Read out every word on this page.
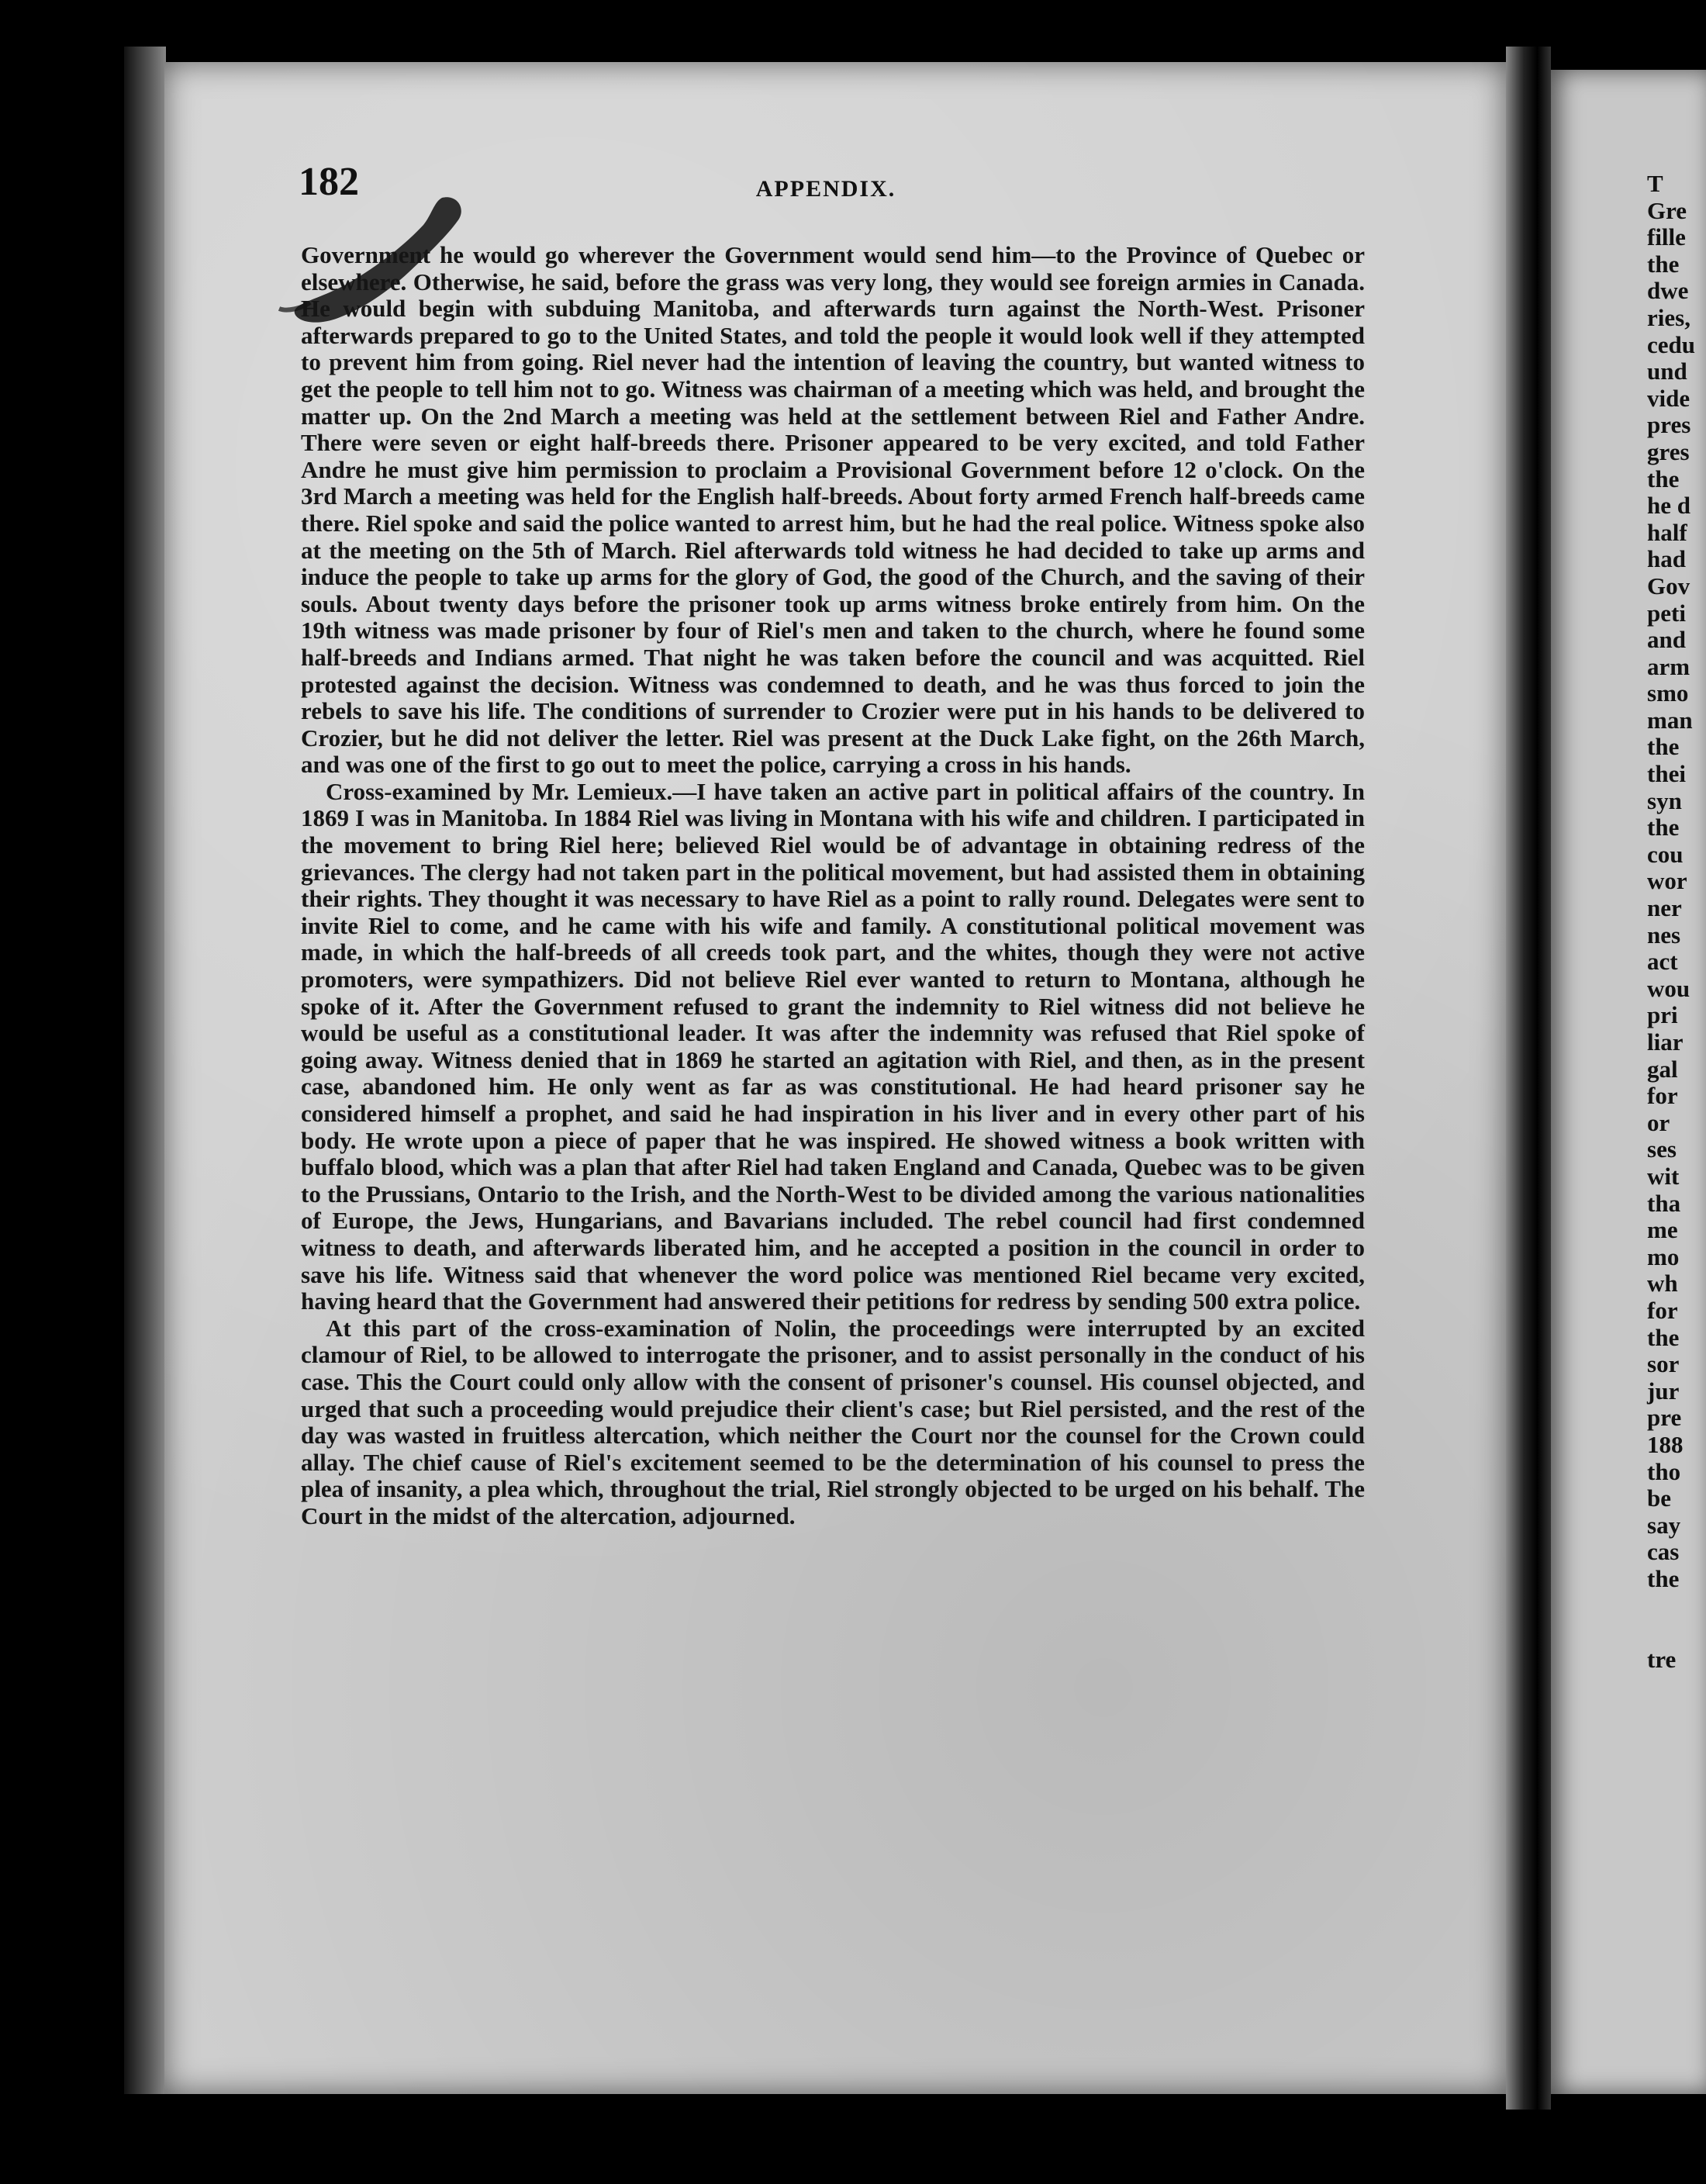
182	APPENDIX.

Government he would go wherever the Government would send him—to the Province of Quebec or elsewhere. Otherwise, he said, before the grass was very long, they would see foreign armies in Canada. He would begin with subduing Manitoba, and afterwards turn against the North-West. Prisoner afterwards prepared to go to the United States, and told the people it would look well if they attempted to prevent him from going. Riel never had the intention of leaving the country, but wanted witness to get the people to tell him not to go. Witness was chairman of a meeting which was held, and brought the matter up. On the 2nd March a meeting was held at the settlement between Riel and Father Andre. There were seven or eight half-breeds there. Prisoner appeared to be very excited, and told Father Andre he must give him permission to proclaim a Provisional Government before 12 o'clock. On the 3rd March a meeting was held for the English half-breeds. About forty armed French half-breeds came there. Riel spoke and said the police wanted to arrest him, but he had the real police. Witness spoke also at the meeting on the 5th of March. Riel afterwards told witness he had decided to take up arms and induce the people to take up arms for the glory of God, the good of the Church, and the saving of their souls. About twenty days before the prisoner took up arms witness broke entirely from him. On the 19th witness was made prisoner by four of Riel's men and taken to the church, where he found some half-breeds and Indians armed. That night he was taken before the council and was acquitted. Riel protested against the decision. Witness was condemned to death, and he was thus forced to join the rebels to save his life. The conditions of surrender to Crozier were put in his hands to be delivered to Crozier, but he did not deliver the letter. Riel was present at the Duck Lake fight, on the 26th March, and was one of the first to go out to meet the police, carrying a cross in his hands.

Cross-examined by Mr. Lemieux.—I have taken an active part in political affairs of the country. In 1869 I was in Manitoba. In 1884 Riel was living in Montana with his wife and children. I participated in the movement to bring Riel here; believed Riel would be of advantage in obtaining redress of the grievances. The clergy had not taken part in the political movement, but had assisted them in obtaining their rights. They thought it was necessary to have Riel as a point to rally round. Delegates were sent to invite Riel to come, and he came with his wife and family. A constitutional political movement was made, in which the half-breeds of all creeds took part, and the whites, though they were not active promoters, were sympathizers. Did not believe Riel ever wanted to return to Montana, although he spoke of it. After the Government refused to grant the indemnity to Riel witness did not believe he would be useful as a constitutional leader. It was after the indemnity was refused that Riel spoke of going away. Witness denied that in 1869 he started an agitation with Riel, and then, as in the present case, abandoned him. He only went as far as was constitutional. He had heard prisoner say he considered himself a prophet, and said he had inspiration in his liver and in every other part of his body. He wrote upon a piece of paper that he was inspired. He showed witness a book written with buffalo blood, which was a plan that after Riel had taken England and Canada, Quebec was to be given to the Prussians, Ontario to the Irish, and the North-West to be divided among the various nationalities of Europe, the Jews, Hungarians, and Bavarians included. The rebel council had first condemned witness to death, and afterwards liberated him, and he accepted a position in the council in order to save his life. Witness said that whenever the word police was mentioned Riel became very excited, having heard that the Government had answered their petitions for redress by sending 500 extra police.

At this part of the cross-examination of Nolin, the proceedings were interrupted by an excited clamour of Riel, to be allowed to interrogate the prisoner, and to assist personally in the conduct of his case. This the Court could only allow with the consent of prisoner's counsel. His counsel objected, and urged that such a proceeding would prejudice their client's case; but Riel persisted, and the rest of the day was wasted in fruitless altercation, which neither the Court nor the counsel for the Crown could allay. The chief cause of Riel's excitement seemed to be the determination of his counsel to press the plea of insanity, a plea which, throughout the trial, Riel strongly objected to be urged on his behalf. The Court in the midst of the altercation, adjourned.

T
Gre
fille
the
dwe
ries,
cedu
und
vide
pres
gres
the
he d
half
had
Gov
peti
and
arm
smo
man
the
thei
syn
the
cou
wor
ner
nes
act
wou
pri
liar
gal
for
or
ses
wit
tha
me
mo
wh
for
the
sor
jur
pre
188
tho
be
say
cas
the

tre
